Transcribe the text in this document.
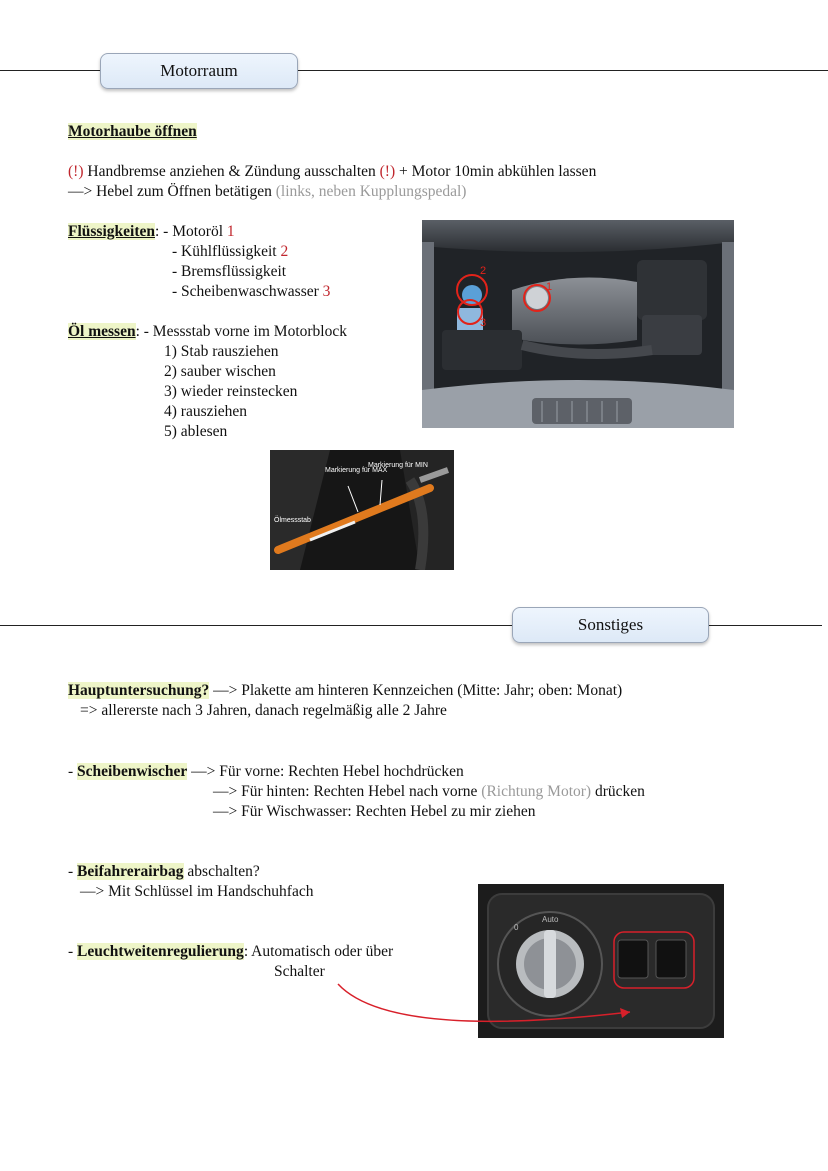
Motorraum
Motorhaube öffnen
(!) Handbremse anziehen & Zündung ausschalten (!) + Motor 10min abkühlen lassen
—> Hebel zum Öffnen betätigen (links, neben Kupplungspedal)
Flüssigkeiten: - Motoröl 1
- Kühlflüssigkeit 2
- Bremsflüssigkeit
- Scheibenwaschwasser 3
Öl messen: - Messstab vorne im Motorblock
1) Stab rausziehen
2) sauber wischen
3) wieder reinstecken
4) rausziehen
5) ablesen
1
2
3
Markierung für MAX
Markierung für MIN
Ölmessstab
Sonstiges
Hauptuntersuchung? —> Plakette am hinteren Kennzeichen (Mitte: Jahr; oben: Monat)
=> allererste nach 3 Jahren, danach regelmäßig alle 2 Jahre
- Scheibenwischer —> Für vorne: Rechten Hebel hochdrücken
—> Für hinten: Rechten Hebel nach vorne (Richtung Motor) drücken
—> Für Wischwasser: Rechten Hebel zu mir ziehen
- Beifahrerairbag abschalten?
—> Mit Schlüssel im Handschuhfach
- Leuchtweitenregulierung: Automatisch oder über
Schalter
Auto
0
